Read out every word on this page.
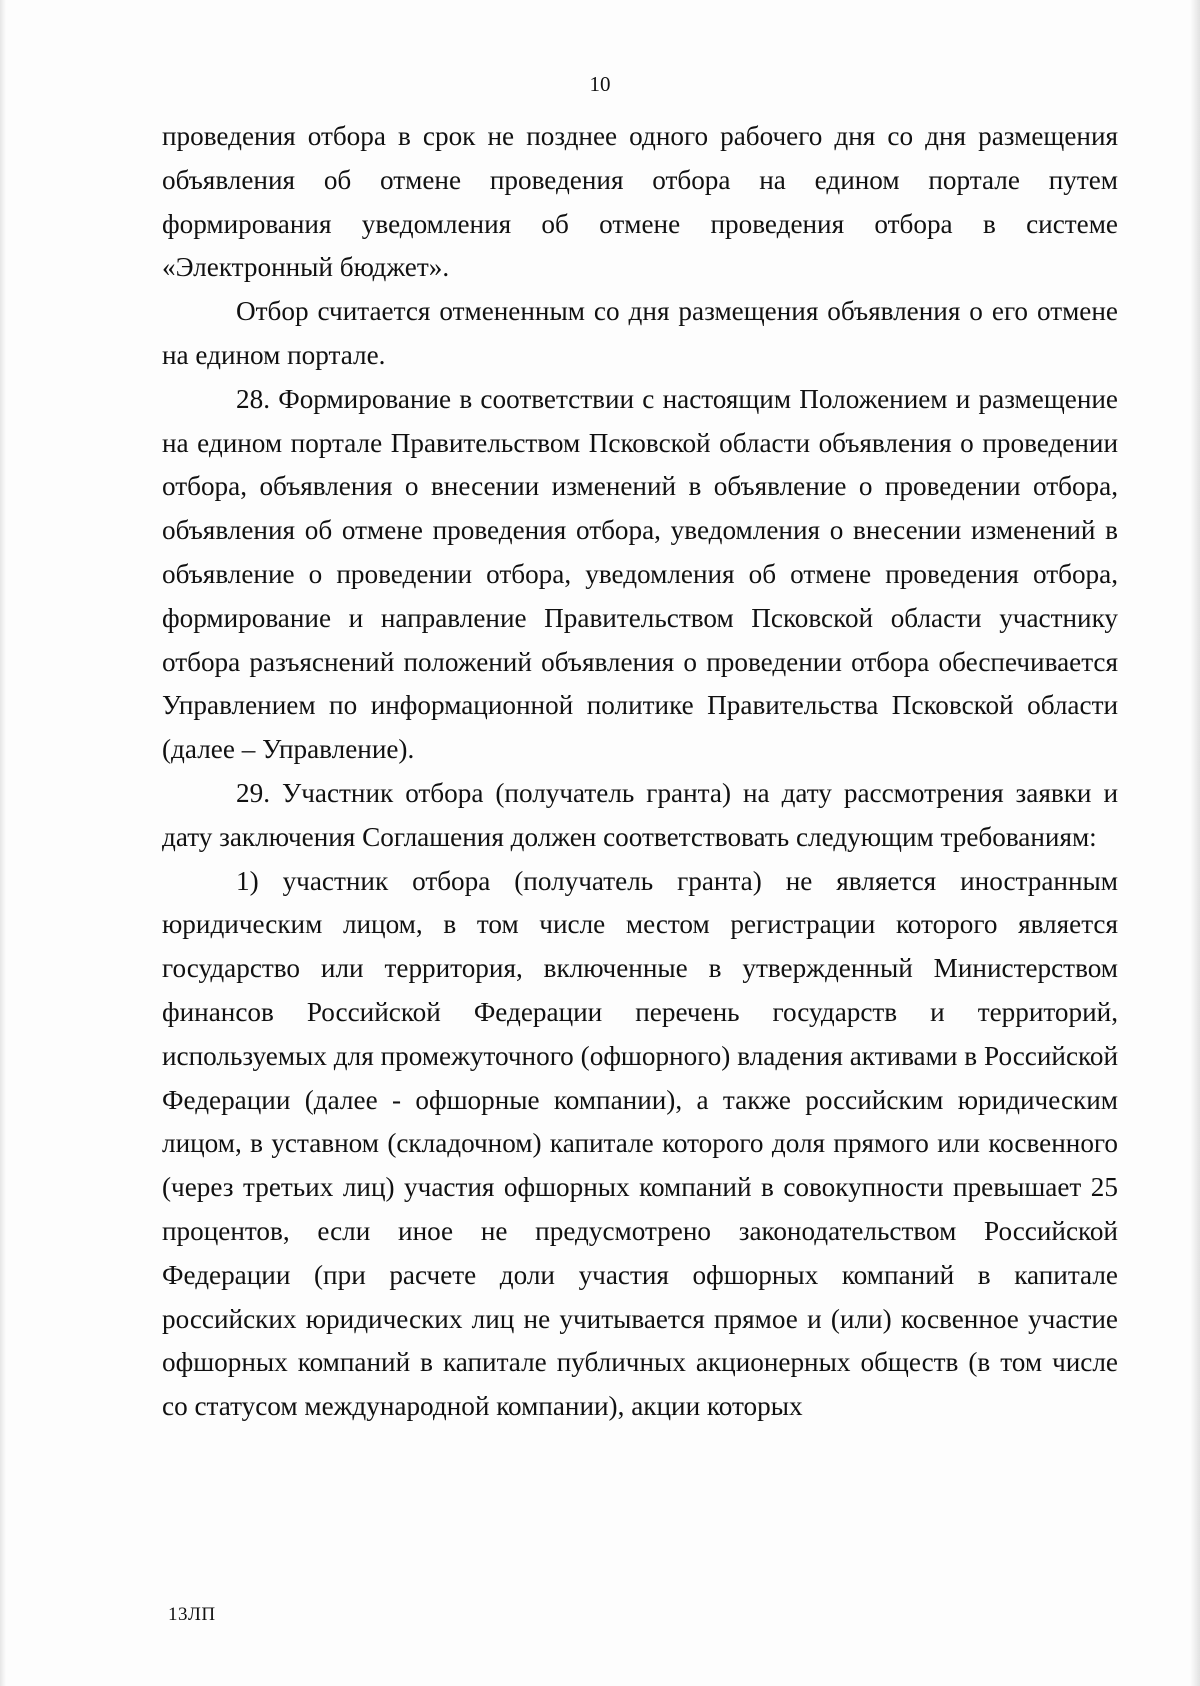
10

проведения отбора в срок не позднее одного рабочего дня со дня размещения объявления об отмене проведения отбора на едином портале путем формирования уведомления об отмене проведения отбора в системе «Электронный бюджет».

Отбор считается отмененным со дня размещения объявления о его отмене на едином портале.

28. Формирование в соответствии с настоящим Положением и размещение на едином портале Правительством Псковской области объявления о проведении отбора, объявления о внесении изменений в объявление о проведении отбора, объявления об отмене проведения отбора, уведомления о внесении изменений в объявление о проведении отбора, уведомления об отмене проведения отбора, формирование и направление Правительством Псковской области участнику отбора разъяснений положений объявления о проведении отбора обеспечивается Управлением по информационной политике Правительства Псковской области (далее – Управление).

29. Участник отбора (получатель гранта) на дату рассмотрения заявки и дату заключения Соглашения должен соответствовать следующим требованиям:

1) участник отбора (получатель гранта) не является иностранным юридическим лицом, в том числе местом регистрации которого является государство или территория, включенные в утвержденный Министерством финансов Российской Федерации перечень государств и территорий, используемых для промежуточного (офшорного) владения активами в Российской Федерации (далее - офшорные компании), а также российским юридическим лицом, в уставном (складочном) капитале которого доля прямого или косвенного (через третьих лиц) участия офшорных компаний в совокупности превышает 25 процентов, если иное не предусмотрено законодательством Российской Федерации (при расчете доли участия офшорных компаний в капитале российских юридических лиц не учитывается прямое и (или) косвенное участие офшорных компаний в капитале публичных акционерных обществ (в том числе со статусом международной компании), акции которых

13ЛП
